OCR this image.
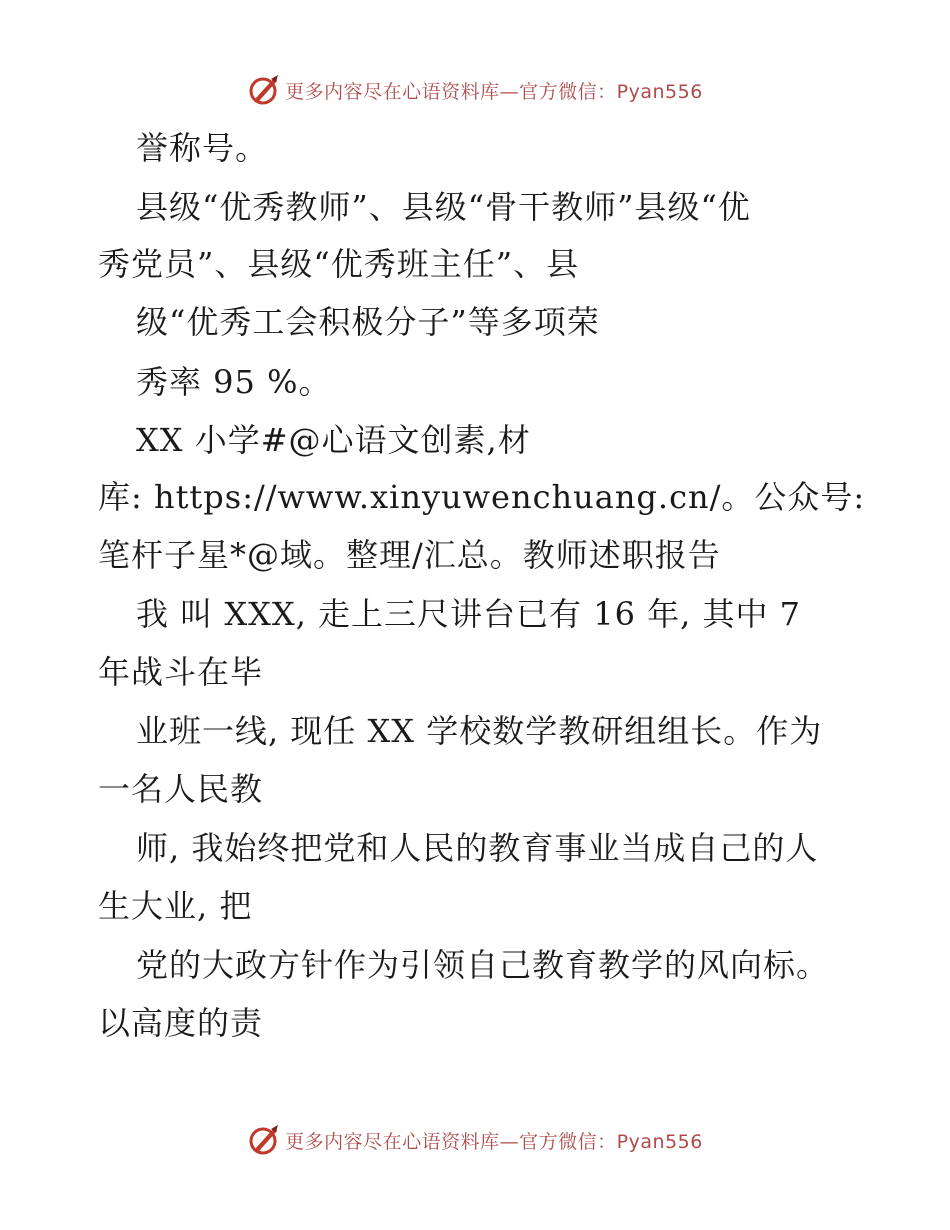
更多内容尽在心语资料库—官方微信：Pyan556
誉称号。
县级“优秀教师”、县级“骨干教师”县级“优
秀党员”、县级“优秀班主任”、县
级“优秀工会积极分子”等多项荣
秀率 95 %。
XX 小学#@心语文创素,材
库: https://www.xinyuwenchuang.cn/。公众号:
笔杆子星*@域。整理/汇总。教师述职报告
我 叫 XXX, 走上三尺讲台已有 16 年, 其中 7
年战斗在毕
业班一线, 现任 XX 学校数学教研组组长。作为
一名人民教
师, 我始终把党和人民的教育事业当成自己的人
生大业, 把
党的大政方针作为引领自己教育教学的风向标。
以高度的责
更多内容尽在心语资料库—官方微信：Pyan556
